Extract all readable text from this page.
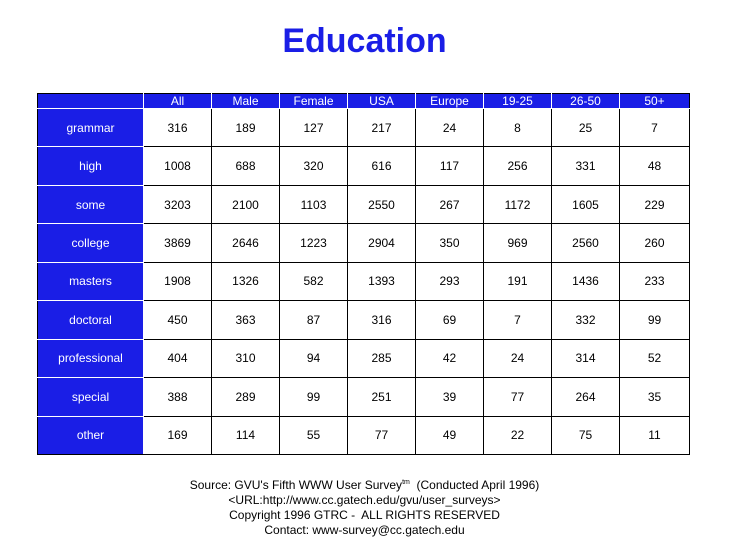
Education
	All	Male	Female	USA	Europe	19-25	26-50	50+
grammar	316	189	127	217	24	8	25	7
high	1008	688	320	616	117	256	331	48
some	3203	2100	1103	2550	267	1172	1605	229
college	3869	2646	1223	2904	350	969	2560	260
masters	1908	1326	582	1393	293	191	1436	233
doctoral	450	363	87	316	69	7	332	99
professional	404	310	94	285	42	24	314	52
special	388	289	99	251	39	77	264	35
other	169	114	55	77	49	22	75	11
Source: GVU's Fifth WWW User Survey$^{tm}$  (Conducted April 1996)
<URL:http://www.cc.gatech.edu/gvu/user_surveys>
Copyright 1996 GTRC -  ALL RIGHTS RESERVED
Contact: www-survey@cc.gatech.edu
